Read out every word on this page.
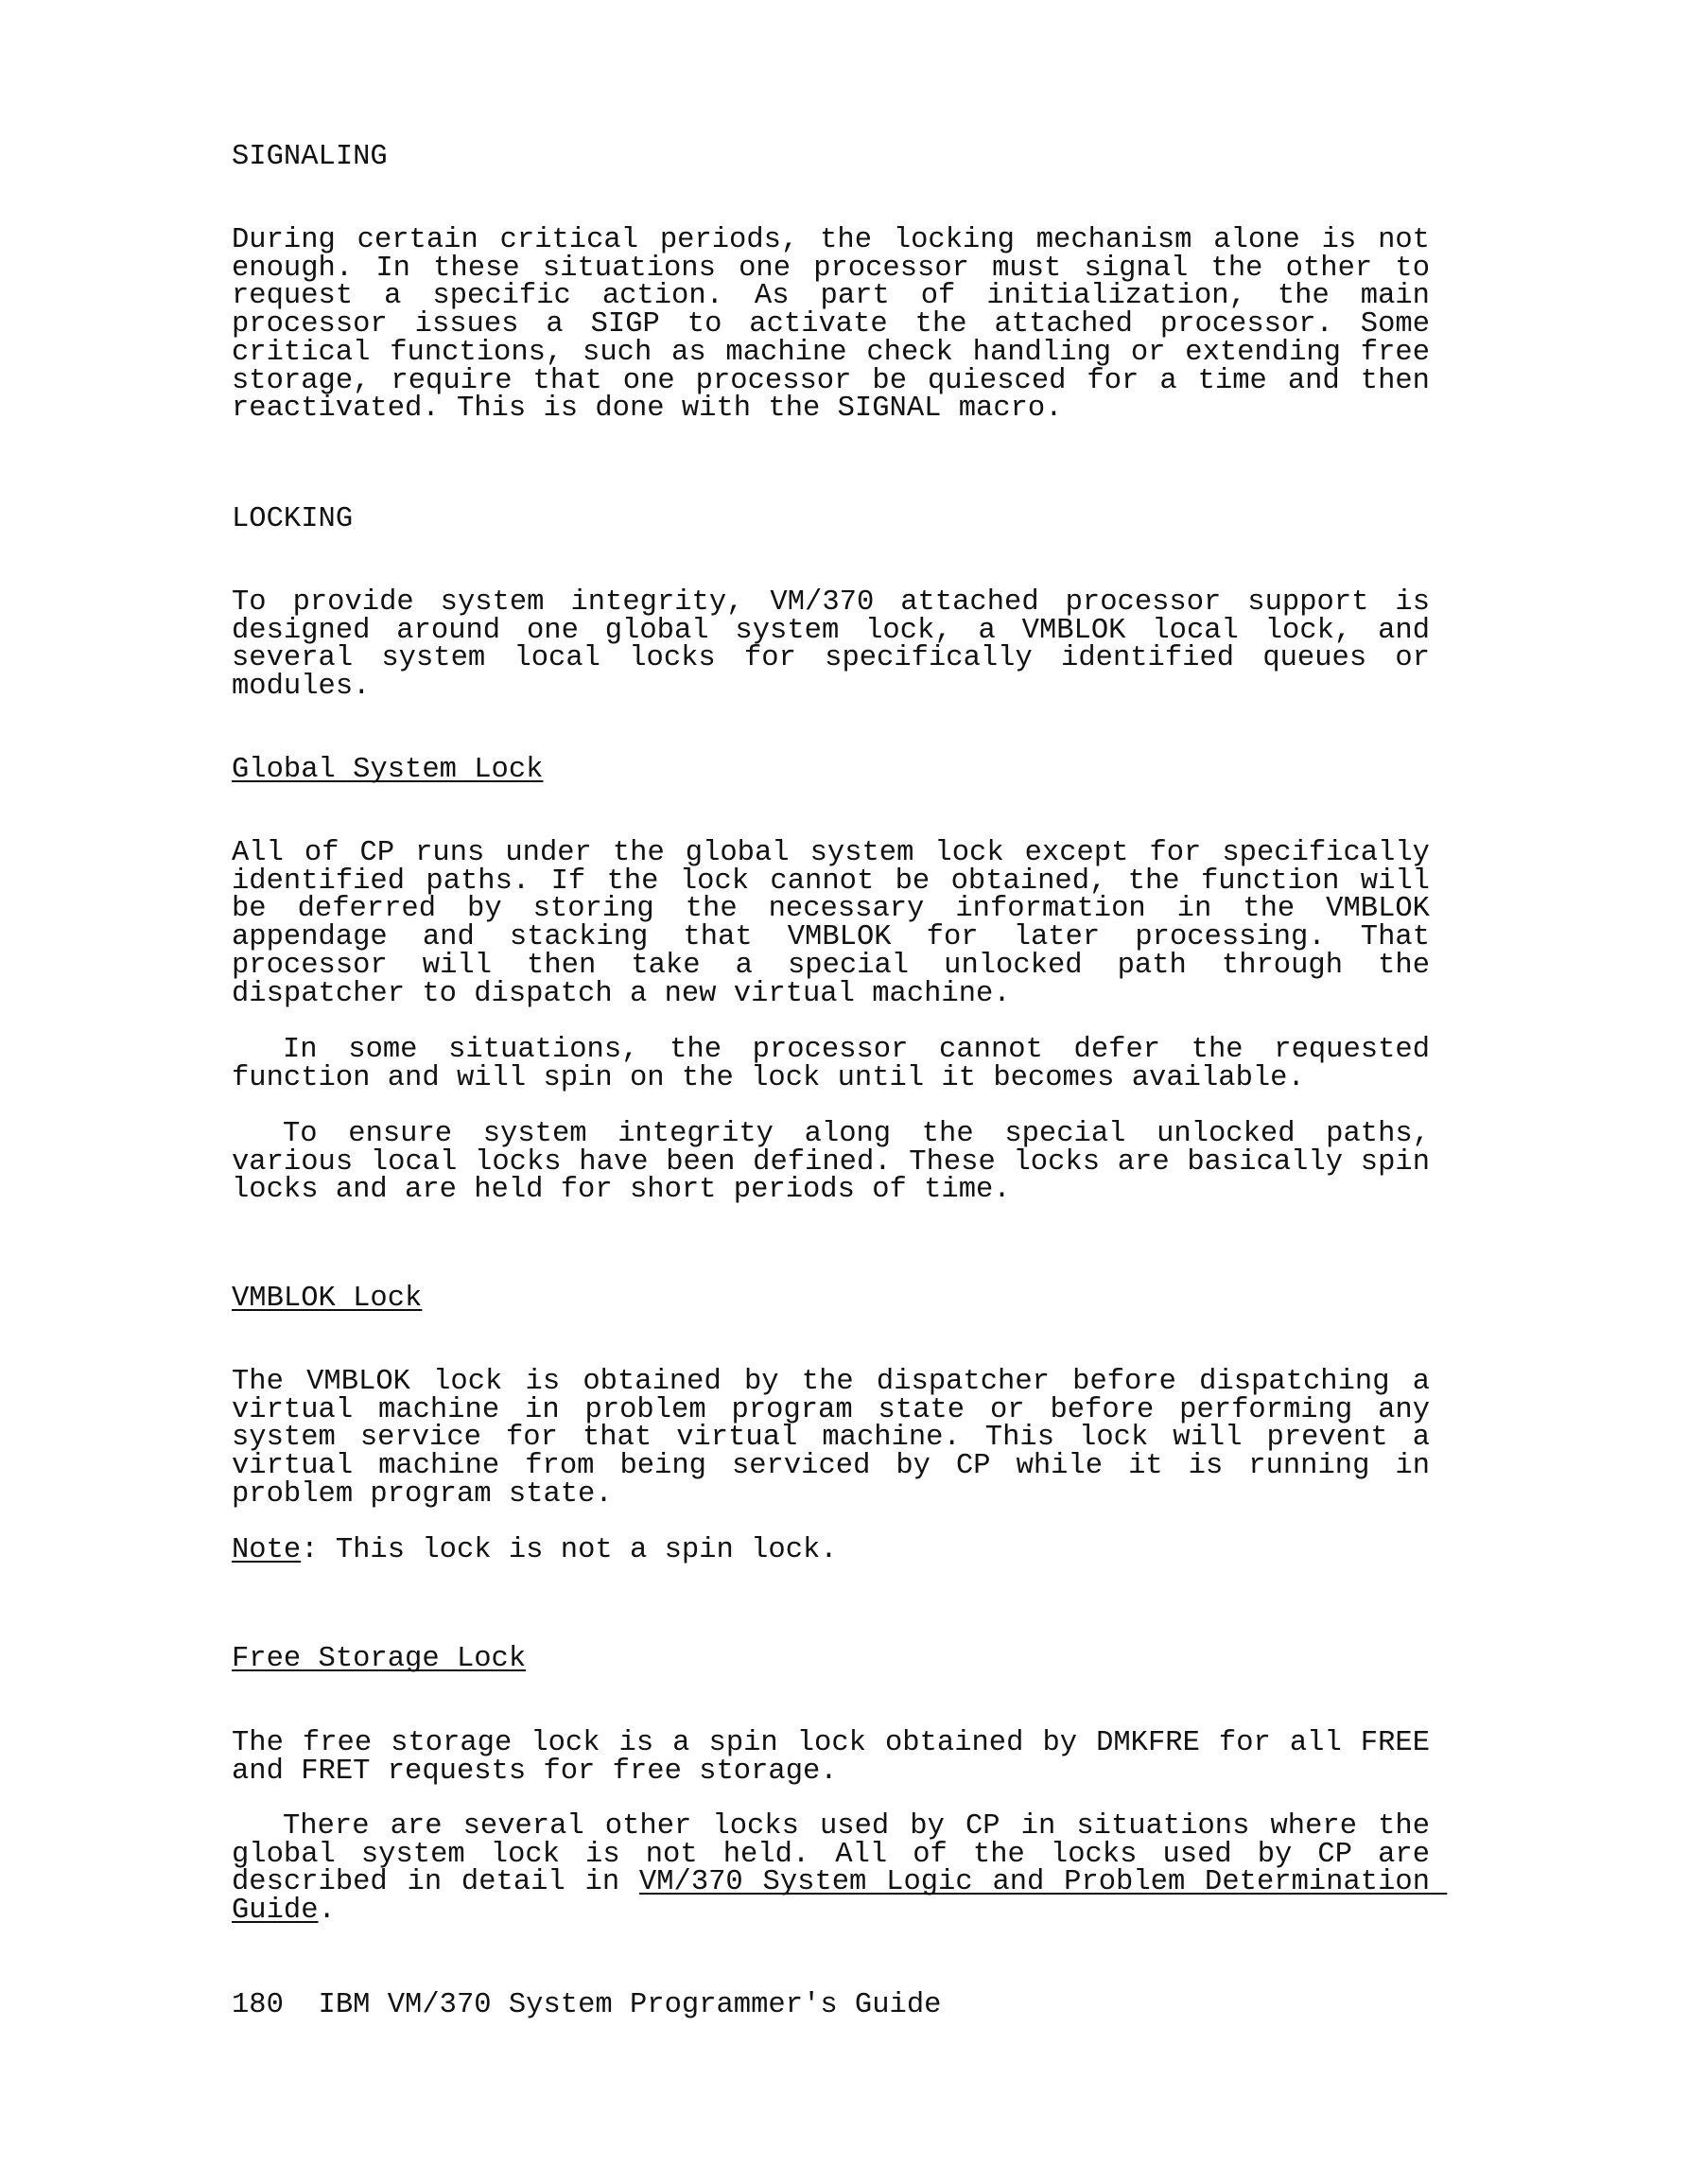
SIGNALING

During certain critical periods, the locking mechanism alone is not enough. In these situations one processor must signal the other to request a specific action. As part of initialization, the main processor issues a SIGP to activate the attached processor. Some critical functions, such as machine check handling or extending free storage, require that one processor be quiesced for a time and then reactivated. This is done with the SIGNAL macro.

LOCKING

To provide system integrity, VM/370 attached processor support is designed around one global system lock, a VMBLOK local lock, and several system local locks for specifically identified queues or modules.

Global System Lock

All of CP runs under the global system lock except for specifically identified paths. If the lock cannot be obtained, the function will be deferred by storing the necessary information in the VMBLOK appendage and stacking that VMBLOK for later processing. That processor will then take a special unlocked path through the dispatcher to dispatch a new virtual machine.

In some situations, the processor cannot defer the requested function and will spin on the lock until it becomes available.

To ensure system integrity along the special unlocked paths, various local locks have been defined. These locks are basically spin locks and are held for short periods of time.

VMBLOK Lock

The VMBLOK lock is obtained by the dispatcher before dispatching a virtual machine in problem program state or before performing any system service for that virtual machine. This lock will prevent a virtual machine from being serviced by CP while it is running in problem program state.

Note: This lock is not a spin lock.

Free Storage Lock

The free storage lock is a spin lock obtained by DMKFRE for all FREE and FRET requests for free storage.

There are several other locks used by CP in situations where the global system lock is not held. All of the locks used by CP are described in detail in VM/370 System Logic and Problem Determination Guide.

180 IBM VM/370 System Programmer's Guide
